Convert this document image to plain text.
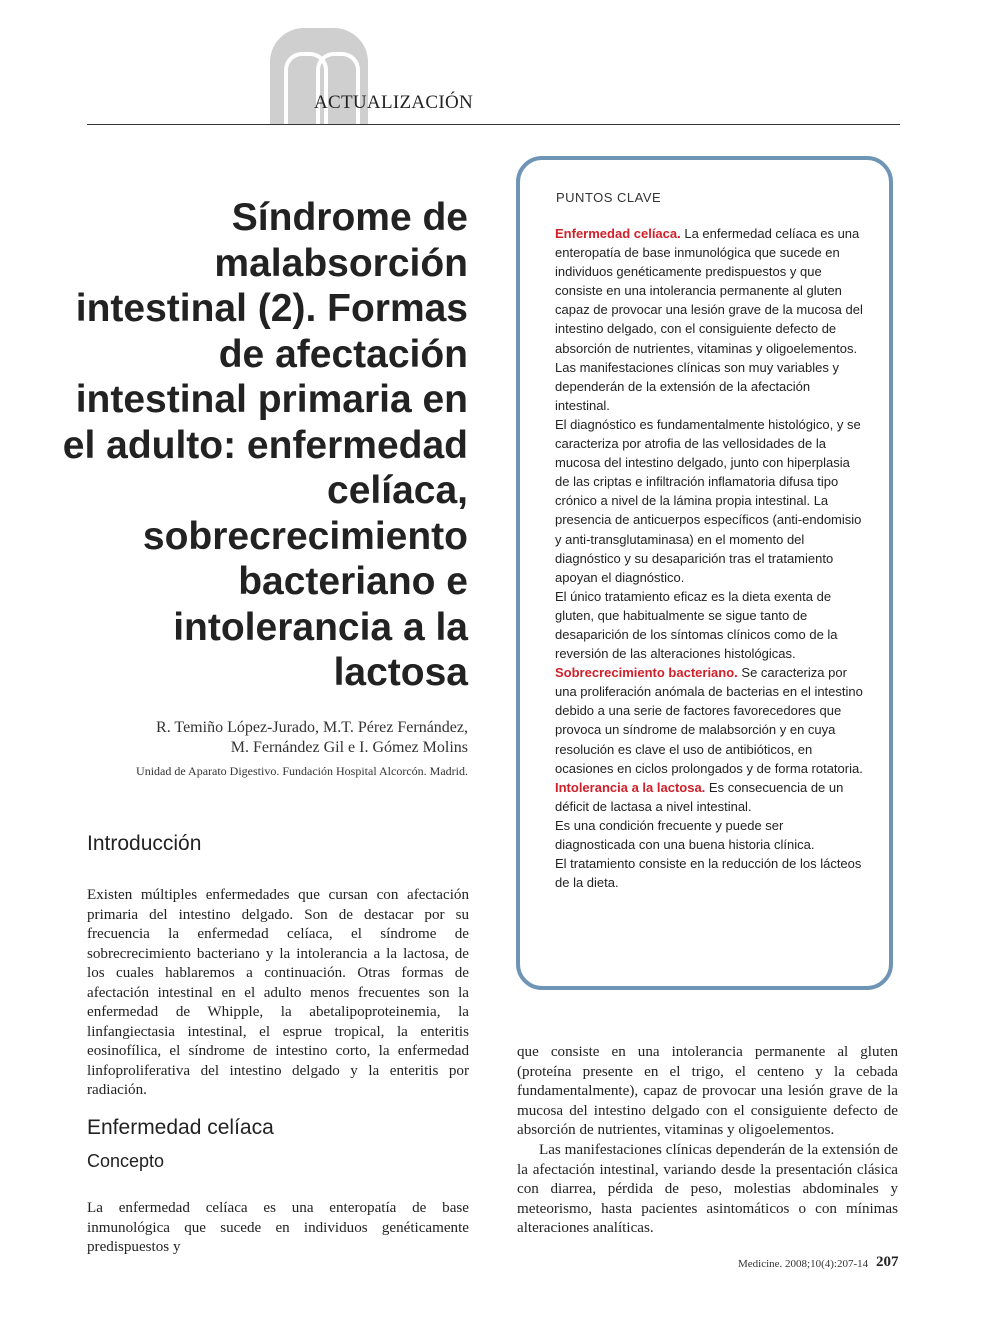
ACTUALIZACIÓN
Síndrome de malabsorción intestinal (2). Formas de afectación intestinal primaria en el adulto: enfermedad celíaca, sobrecrecimiento bacteriano e intolerancia a la lactosa
R. Temiño López-Jurado, M.T. Pérez Fernández,
M. Fernández Gil e I. Gómez Molins
Unidad de Aparato Digestivo. Fundación Hospital Alcorcón. Madrid.
Introducción

Existen múltiples enfermedades que cursan con afectación primaria del intestino delgado. Son de destacar por su frecuencia la enfermedad celíaca, el síndrome de sobrecrecimiento bacteriano y la intolerancia a la lactosa, de los cuales hablaremos a continuación. Otras formas de afectación intestinal en el adulto menos frecuentes son la enfermedad de Whipple, la abetalipoproteinemia, la linfangiectasia intestinal, el esprue tropical, la enteritis eosinofílica, el síndrome de intestino corto, la enfermedad linfoproliferativa del intestino delgado y la enteritis por radiación.

Enfermedad celíaca
Concepto

La enfermedad celíaca es una enteropatía de base inmunológica que sucede en individuos genéticamente predispuestos y

PUNTOS CLAVE

Enfermedad celíaca. La enfermedad celíaca es una enteropatía de base inmunológica que sucede en individuos genéticamente predispuestos y que consiste en una intolerancia permanente al gluten capaz de provocar una lesión grave de la mucosa del intestino delgado, con el consiguiente defecto de absorción de nutrientes, vitaminas y oligoelementos.

Las manifestaciones clínicas son muy variables y dependerán de la extensión de la afectación intestinal.

El diagnóstico es fundamentalmente histológico, y se caracteriza por atrofia de las vellosidades de la mucosa del intestino delgado, junto con hiperplasia de las criptas e infiltración inflamatoria difusa tipo crónico a nivel de la lámina propia intestinal. La presencia de anticuerpos específicos (anti-endomisio y anti-transglutaminasa) en el momento del diagnóstico y su desaparición tras el tratamiento apoyan el diagnóstico.

El único tratamiento eficaz es la dieta exenta de gluten, que habitualmente se sigue tanto de desaparición de los síntomas clínicos como de la reversión de las alteraciones histológicas.

Sobrecrecimiento bacteriano. Se caracteriza por una proliferación anómala de bacterias en el intestino debido a una serie de factores favorecedores que provoca un síndrome de malabsorción y en cuya resolución es clave el uso de antibióticos, en ocasiones en ciclos prolongados y de forma rotatoria.

Intolerancia a la lactosa. Es consecuencia de un déficit de lactasa a nivel intestinal.

Es una condición frecuente y puede ser diagnosticada con una buena historia clínica.

El tratamiento consiste en la reducción de los lácteos de la dieta.

que consiste en una intolerancia permanente al gluten (proteína presente en el trigo, el centeno y la cebada fundamentalmente), capaz de provocar una lesión grave de la mucosa del intestino delgado con el consiguiente defecto de absorción de nutrientes, vitaminas y oligoelementos.

Las manifestaciones clínicas dependerán de la extensión de la afectación intestinal, variando desde la presentación clásica con diarrea, pérdida de peso, molestias abdominales y meteorismo, hasta pacientes asintomáticos o con mínimas alteraciones analíticas.

Medicine. 2008;10(4):207-14 207
